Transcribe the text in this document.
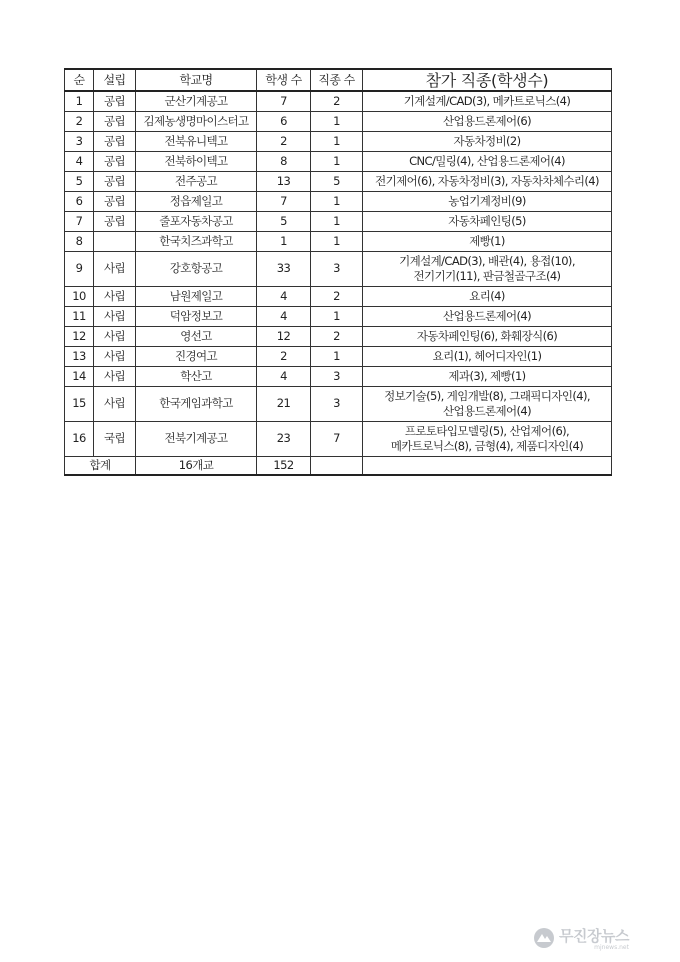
순	설립	학교명	학생 수	직종 수	참가 직종(학생수)
1	공립	군산기계공고	7	2	기계설계/CAD(3), 메카트로닉스(4)

2	공립	김제농생명마이스터고	6	1	산업용드론제어(6)

3	공립	전북유니텍고	2	1	자동차정비(2)

4	공립	전북하이텍고	8	1	CNC/밀링(4), 산업용드론제어(4)

5	공립	전주공고	13	5	전기제어(6), 자동차정비(3), 자동차차체수리(4)

6	공립	정읍제일고	7	1	농업기계정비(9)

7	공립	줄포자동차공고	5	1	자동차페인팅(5)

8		한국치즈과학고	1	1	제빵(1)

9	사립	강호항공고	33	3	기계설계/CAD(3), 배관(4), 용접(10),
전기기기(11), 판금철골구조(4)

10	사립	남원제일고	4	2	요리(4)

11	사립	덕암정보고	4	1	산업용드론제어(4)

12	사립	영선고	12	2	자동차페인팅(6), 화훼장식(6)

13	사립	진경여고	2	1	요리(1), 헤어디자인(1)

14	사립	학산고	4	3	제과(3), 제빵(1)

15	사립	한국게임과학고	21	3	정보기술(5), 게임개발(8), 그래픽디자인(4),
산업용드론제어(4)

16	국립	전북기계공고	23	7	프로토타입모델링(5), 산업제어(6),
메카트로닉스(8), 금형(4), 제품디자인(4)

합계		16개교	152		
무진장뉴스
mjnews.net
